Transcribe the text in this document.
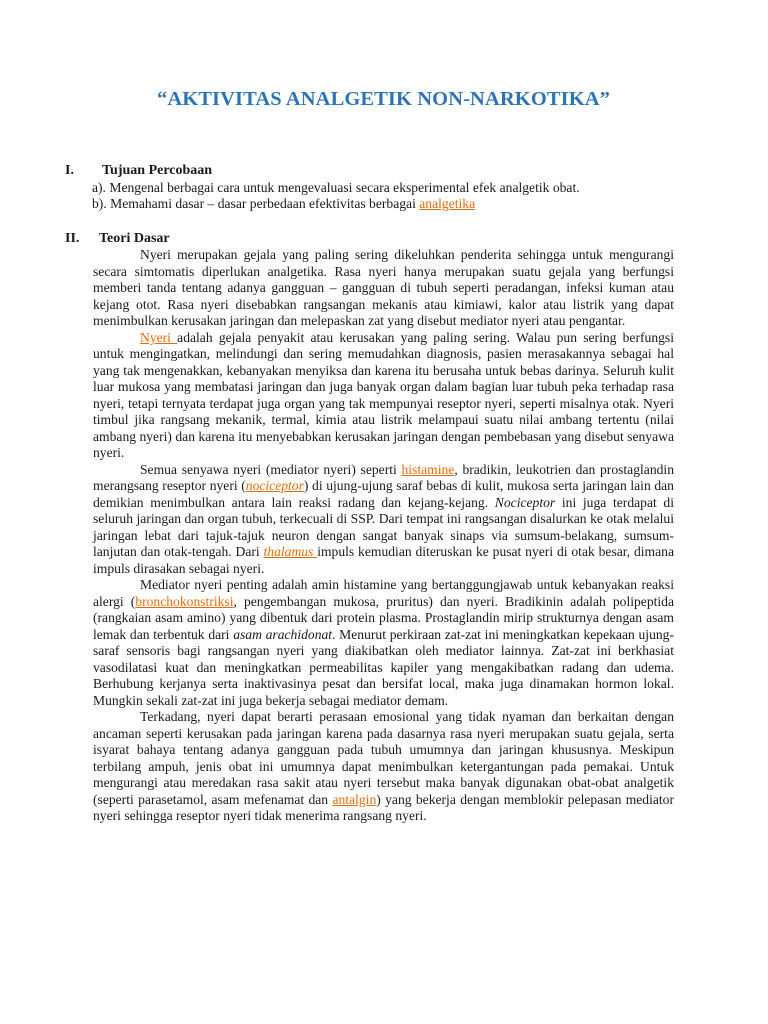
“AKTIVITAS ANALGETIK NON-NARKOTIKA”
I.	Tujuan Percobaan
a). Mengenal berbagai cara untuk mengevaluasi secara eksperimental efek analgetik obat.
b). Memahami dasar – dasar perbedaan efektivitas berbagai analgetika
II.	Teori Dasar

Nyeri merupakan gejala yang paling sering dikeluhkan penderita sehingga untuk mengurangi secara simtomatis diperlukan analgetika. Rasa nyeri hanya merupakan suatu gejala yang berfungsi memberi tanda tentang adanya gangguan – gangguan di tubuh seperti peradangan, infeksi kuman atau kejang otot. Rasa nyeri disebabkan rangsangan mekanis atau kimiawi, kalor atau listrik yang dapat menimbulkan kerusakan jaringan dan melepaskan zat yang disebut mediator nyeri atau pengantar.

Nyeri adalah gejala penyakit atau kerusakan yang paling sering. Walau pun sering berfungsi untuk mengingatkan, melindungi dan sering memudahkan diagnosis, pasien merasakannya sebagai hal yang tak mengenakkan, kebanyakan menyiksa dan karena itu berusaha untuk bebas darinya. Seluruh kulit luar mukosa yang membatasi jaringan dan juga banyak organ dalam bagian luar tubuh peka terhadap rasa nyeri, tetapi ternyata terdapat juga organ yang tak mempunyai reseptor nyeri, seperti misalnya otak. Nyeri timbul jika rangsang mekanik, termal, kimia atau listrik melampaui suatu nilai ambang tertentu (nilai ambang nyeri) dan karena itu menyebabkan kerusakan jaringan dengan pembebasan yang disebut senyawa nyeri.

Semua senyawa nyeri (mediator nyeri) seperti histamine, bradikin, leukotrien dan prostaglandin merangsang reseptor nyeri (nociceptor) di ujung-ujung saraf bebas di kulit, mukosa serta jaringan lain dan demikian menimbulkan antara lain reaksi radang dan kejang-kejang. Nociceptor ini juga terdapat di seluruh jaringan dan organ tubuh, terkecuali di SSP. Dari tempat ini rangsangan disalurkan ke otak melalui jaringan lebat dari tajuk-tajuk neuron dengan sangat banyak sinaps via sumsum-belakang, sumsum-lanjutan dan otak-tengah. Dari thalamus impuls kemudian diteruskan ke pusat nyeri di otak besar, dimana impuls dirasakan sebagai nyeri.

Mediator nyeri penting adalah amin histamine yang bertanggungjawab untuk kebanyakan reaksi alergi (bronchokonstriksi, pengembangan mukosa, pruritus) dan nyeri. Bradikinin adalah polipeptida (rangkaian asam amino) yang dibentuk dari protein plasma. Prostaglandin mirip strukturnya dengan asam lemak dan terbentuk dari asam arachidonat. Menurut perkiraan zat-zat ini meningkatkan kepekaan ujung-saraf sensoris bagi rangsangan nyeri yang diakibatkan oleh mediator lainnya. Zat-zat ini berkhasiat vasodilatasi kuat dan meningkatkan permeabilitas kapiler yang mengakibatkan radang dan udema. Berhubung kerjanya serta inaktivasinya pesat dan bersifat local, maka juga dinamakan hormon lokal. Mungkin sekali zat-zat ini juga bekerja sebagai mediator demam.

Terkadang, nyeri dapat berarti perasaan emosional yang tidak nyaman dan berkaitan dengan ancaman seperti kerusakan pada jaringan karena pada dasarnya rasa nyeri merupakan suatu gejala, serta isyarat bahaya tentang adanya gangguan pada tubuh umumnya dan jaringan khususnya. Meskipun terbilang ampuh, jenis obat ini umumnya dapat menimbulkan ketergantungan pada pemakai. Untuk mengurangi atau meredakan rasa sakit atau nyeri tersebut maka banyak digunakan obat-obat analgetik (seperti parasetamol, asam mefenamat dan antalgin) yang bekerja dengan memblokir pelepasan mediator nyeri sehingga reseptor nyeri tidak menerima rangsang nyeri.
